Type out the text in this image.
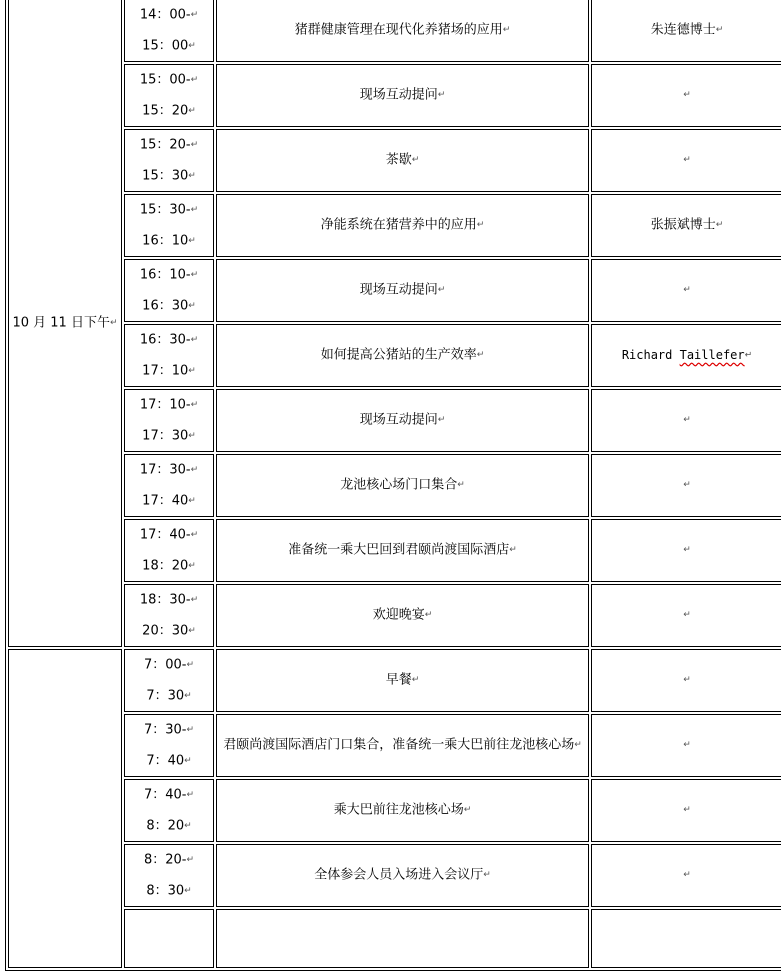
10 月 11 日下午↵	14：00-↵
15：00↵	猪群健康管理在现代化养猪场的应用↵	朱连德博士↵

	15：00-↵
15：20↵	现场互动提问↵	↵

	15：20-↵
15：30↵	茶歇↵	↵

	15：30-↵
16：10↵	净能系统在猪营养中的应用↵	张振斌博士↵

	16：10-↵
16：30↵	现场互动提问↵	↵

	16：30-↵
17：10↵	如何提高公猪站的生产效率↵	Richard Taillefer↵

	17：10-↵
17：30↵	现场互动提问↵	↵

	17：30-↵
17：40↵	龙池核心场门口集合↵	↵

	17：40-↵
18：20↵	准备统一乘大巴回到君颐尚渡国际酒店↵	↵

	18：30-↵
20：30↵	欢迎晚宴↵	↵

	7：00-↵
7：30↵	早餐↵	↵

	7：30-↵
7：40↵	君颐尚渡国际酒店门口集合，准备统一乘大巴前往龙池核心场↵	↵

	7：40-↵
8：20↵	乘大巴前往龙池核心场↵	↵

	8：20-↵
8：30↵	全体参会人员入场进入会议厅↵	↵
